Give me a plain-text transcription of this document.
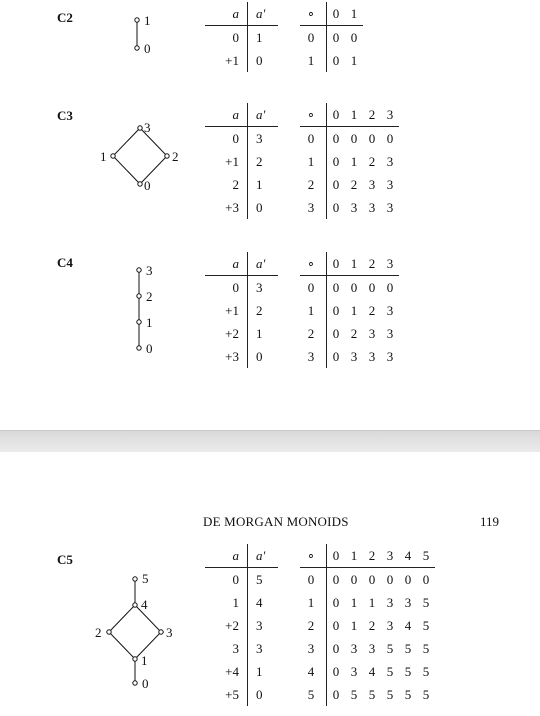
C2	1
0
a	a′
0	1
+1	0
∘	0	1
0	0	0
1	0	1
C3
3
1	2
0
a	a′
0	3
+1	2
2	1
+3	0
∘	0	1	2	3
0	0	0	0	0
1	0	1	2	3
2	0	2	3	3
3	0	3	3	3
C4
3
2
1
0
a	a′
0	3
+1	2
+2	1
+3	0
∘	0	1	2	3
0	0	0	0	0
1	0	1	2	3
2	0	2	3	3
3	0	3	3	3
DE MORGAN MONOIDS	119
C5
5
4
2	3
1
0
a	a′
0	5
1	4
+2	3
3	3
+4	1
+5	0
∘	0	1	2	3	4	5
0	0	0	0	0	0	0
1	0	1	1	3	3	5
2	0	1	2	3	4	5
3	0	3	3	5	5	5
4	0	3	4	5	5	5
5	0	5	5	5	5	5
